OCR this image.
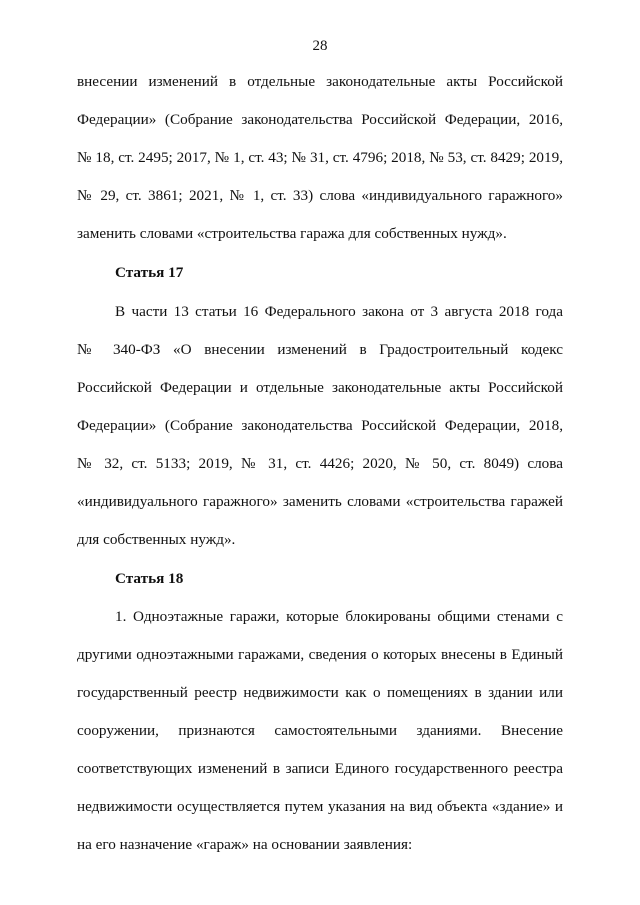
28
внесении изменений в отдельные законодательные акты Российской
Федерации» (Собрание законодательства Российской Федерации, 2016,
№ 18, ст. 2495; 2017, № 1, ст. 43; № 31, ст. 4796; 2018, № 53, ст. 8429; 2019,
№ 29, ст. 3861; 2021, № 1, ст. 33) слова «индивидуального гаражного»
заменить словами «строительства гаража для собственных нужд».
Статья 17
В части 13 статьи 16 Федерального закона от 3 августа 2018 года
№ 340-ФЗ «О внесении изменений в Градостроительный кодекс
Российской Федерации и отдельные законодательные акты Российской
Федерации» (Собрание законодательства Российской Федерации, 2018,
№ 32, ст. 5133; 2019, № 31, ст. 4426; 2020, № 50, ст. 8049) слова
«индивидуального гаражного» заменить словами «строительства гаражей
для собственных нужд».
Статья 18
1. Одноэтажные гаражи, которые блокированы общими стенами с
другими одноэтажными гаражами, сведения о которых внесены в Единый
государственный реестр недвижимости как о помещениях в здании или
сооружении, признаются самостоятельными зданиями. Внесение
соответствующих изменений в записи Единого государственного реестра
недвижимости осуществляется путем указания на вид объекта «здание» и
на его назначение «гараж» на основании заявления:
